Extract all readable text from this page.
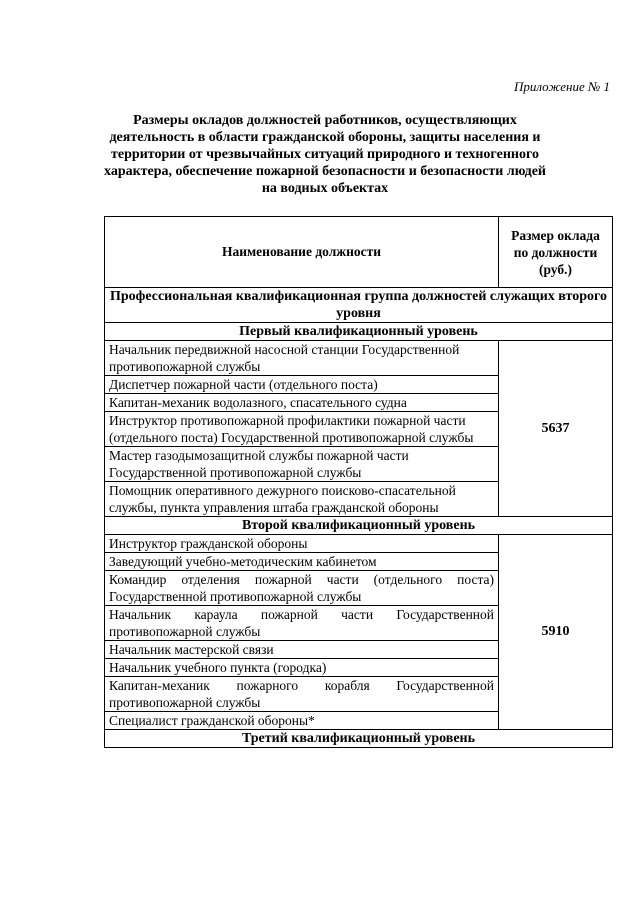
Приложение № 1
Размеры окладов должностей работников, осуществляющих деятельность в области гражданской обороны, защиты населения и территории от чрезвычайных ситуаций природного и техногенного характера, обеспечение пожарной безопасности и безопасности людей на водных объектах
Наименование должности	Размер оклада по должности (руб.)
Профессиональная квалификационная группа должностей служащих второго уровня	
Первый квалификационный уровень	
Начальник передвижной насосной станции Государственной противопожарной службы	5637
Диспетчер пожарной части (отдельного поста)	
Капитан-механик водолазного, спасательного судна	
Инструктор противопожарной профилактики пожарной части (отдельного поста) Государственной противопожарной службы	
Мастер газодымозащитной службы пожарной части Государственной противопожарной службы	
Помощник оперативного дежурного поисково-спасательной службы, пункта управления штаба гражданской обороны	
Второй квалификационный уровень	
Инструктор гражданской обороны	5910
Заведующий учебно-методическим кабинетом	
Командир отделения пожарной части (отдельного поста) Государственной противопожарной службы	
Начальник караула пожарной части Государственной противопожарной службы	
Начальник мастерской связи	
Начальник учебного пункта (городка)	
Капитан-механик пожарного корабля Государственной противопожарной службы	
Специалист гражданской обороны*	
Третий квалификационный уровень	
